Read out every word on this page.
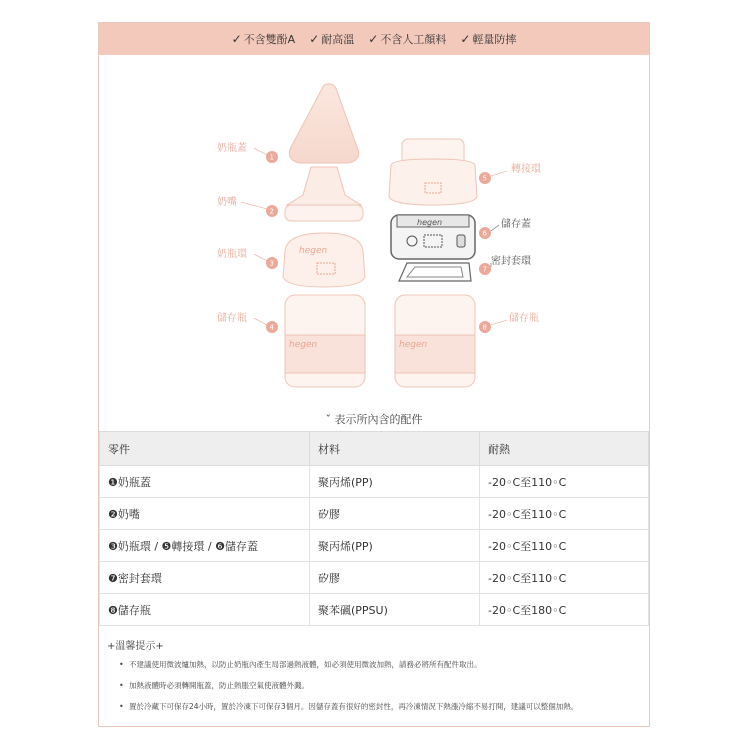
✓ 不含雙酚A ✓ 耐高溫 ✓ 不含人工顏料 ✓ 輕量防摔
hegen
hegen
hegen
hegen
奶瓶蓋
1
奶嘴
2
奶瓶環
3
儲存瓶
4
5
轉接環
6
儲存蓋
7
密封套環
8
儲存瓶
ˇ 表示所內含的配件
零件	材料	耐熱
❶奶瓶蓋	聚丙烯(PP)	-20◦C至110◦C
❷奶嘴	矽膠	-20◦C至110◦C
❸奶瓶環 / ❺轉接環 / ❻儲存蓋	聚丙烯(PP)	-20◦C至110◦C
❼密封套環	矽膠	-20◦C至110◦C
❽儲存瓶	聚苯碸(PPSU)	-20◦C至180◦C
+溫馨提示+
• 不建議使用微波爐加熱，以防止奶瓶內產生局部過熱液體，如必須使用微波加熱，請務必將所有配件取出。
• 加熱液體時必須轉開瓶蓋，防止熱脹空氣使液體外濺。
• 置於冷藏下可保存24小時，置於冷凍下可保存3個月。因儲存蓋有很好的密封性，再冷凍情況下熱漲冷縮不易打開，建議可以整個加熱。
